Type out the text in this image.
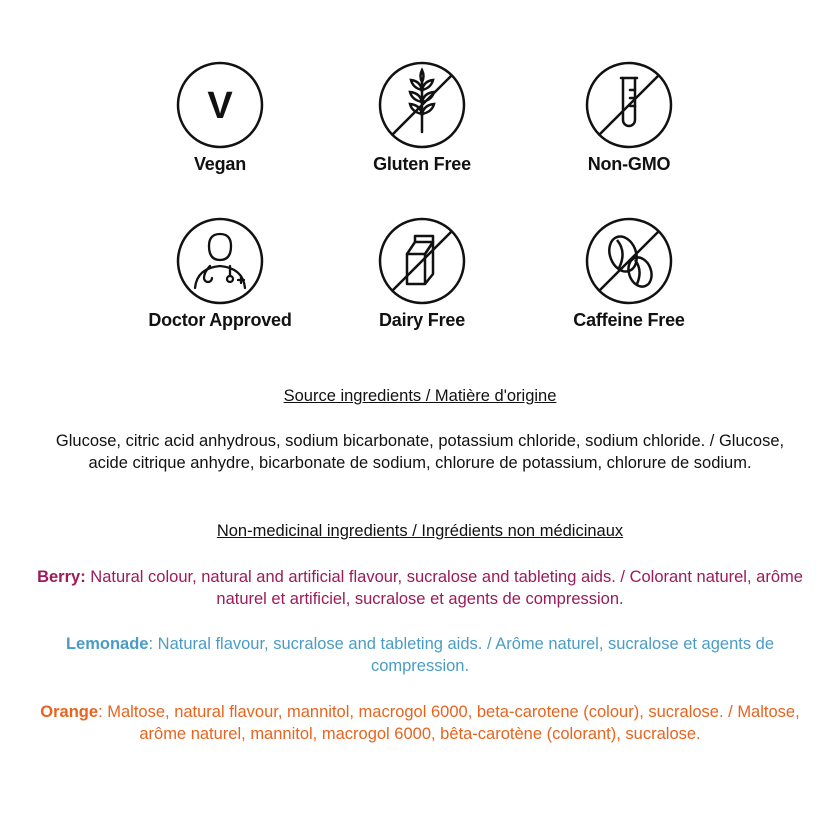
V
Vegan	Gluten Free	Non-GMO
Doctor Approved	Dairy Free	Caffeine Free
Source ingredients / Matière d'origine
Glucose, citric acid anhydrous, sodium bicarbonate, potassium chloride, sodium chloride. / Glucose, acide citrique anhydre, bicarbonate de sodium, chlorure de potassium, chlorure de sodium.
Non-medicinal ingredients / Ingrédients non médicinaux
Berry: Natural colour, natural and artificial flavour, sucralose and tableting aids. / Colorant naturel, arôme naturel et artificiel, sucralose et agents de compression.
Lemonade: Natural flavour, sucralose and tableting aids. / Arôme naturel, sucralose et agents de compression.
Orange: Maltose, natural flavour, mannitol, macrogol 6000, beta-carotene (colour), sucralose. / Maltose, arôme naturel, mannitol, macrogol 6000, bêta-carotène (colorant), sucralose.
